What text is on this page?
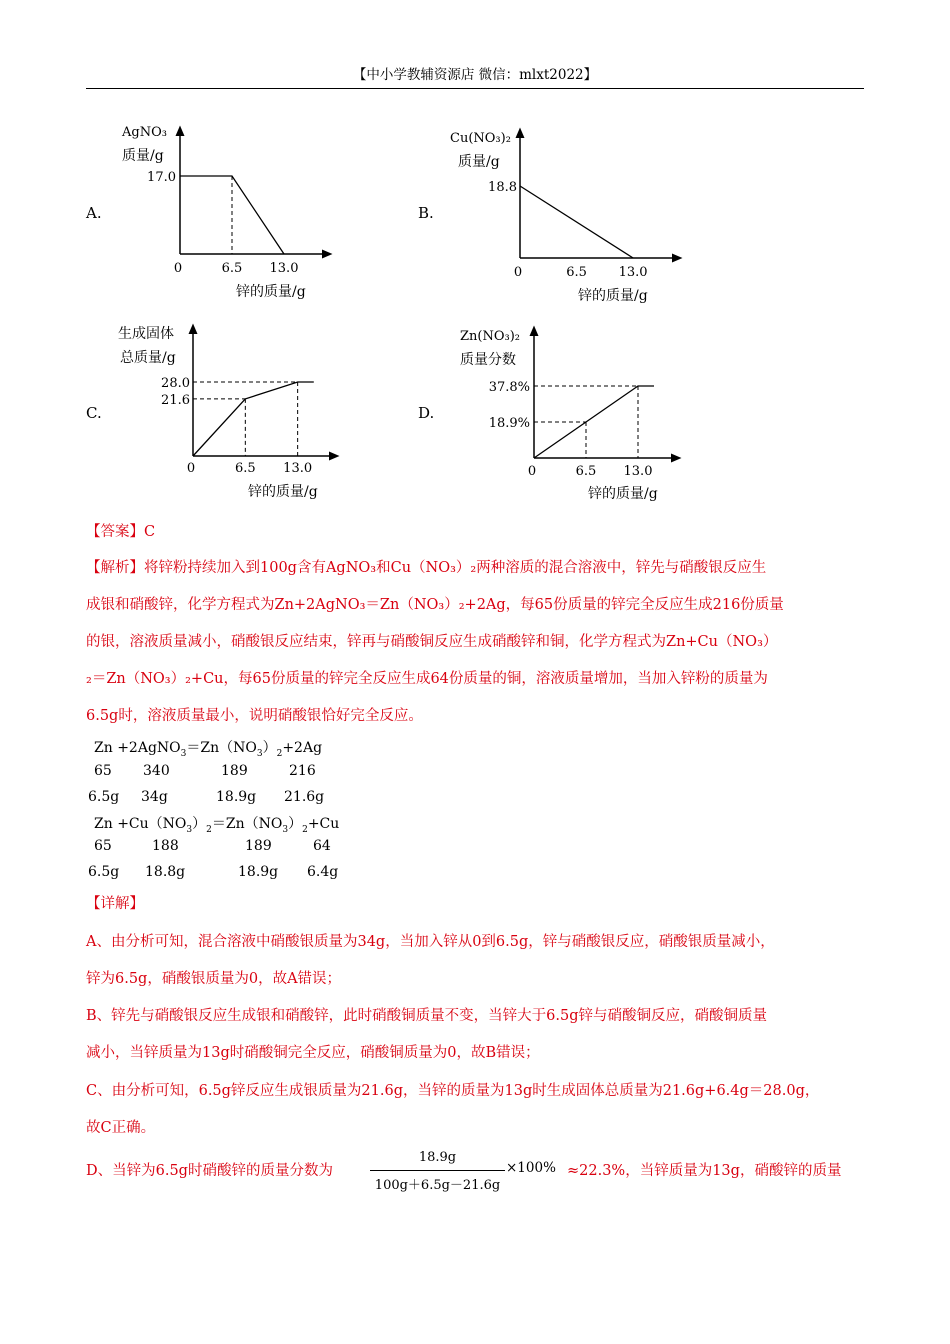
【中小学教辅资源店 微信：mlxt2022】
A.	B.
C.	D.
AgNO₃
质量/g
17.0
0	6.5 13.0
锌的质量/g
Cu(NO₃)₂
质量/g
18.8
0	6.5 13.0
锌的质量/g
生成固体
总质量/g
28.0
21.6
0	6.5 13.0
锌的质量/g
Zn(NO₃)₂
质量分数
37.8%
18.9%
0	6.5 13.0
锌的质量/g
【答案】C
【解析】将锌粉持续加入到100g含有AgNO₃和Cu（NO₃）₂两种溶质的混合溶液中，锌先与硝酸银反应生
成银和硝酸锌，化学方程式为Zn+2AgNO₃＝Zn（NO₃）₂+2Ag，每65份质量的锌完全反应生成216份质量
的银，溶液质量减小，硝酸银反应结束，锌再与硝酸铜反应生成硝酸锌和铜，化学方程式为Zn+Cu（NO₃）
₂＝Zn（NO₃）₂+Cu，每65份质量的锌完全反应生成64份质量的铜，溶液质量增加，当加入锌粉的质量为
6.5g时，溶液质量最小，说明硝酸银恰好完全反应。
$Zn +2AgNO_3=Zn(NO_3)_2+2Ag$
65 340	189	216
6.5g 34g	18.9g 21.6g
$Zn +Cu(NO_3)_2=Zn(NO_3)_2+Cu$
65	188	189	64
6.5g 18.8g	18.9g 6.4g
【详解】
A、由分析可知，混合溶液中硝酸银质量为34g，当加入锌从0到6.5g，锌与硝酸银反应，硝酸银质量减小，
锌为6.5g，硝酸银质量为0，故A错误；
B、锌先与硝酸银反应生成银和硝酸锌，此时硝酸铜质量不变，当锌大于6.5g锌与硝酸铜反应，硝酸铜质量
减小，当锌质量为13g时硝酸铜完全反应，硝酸铜质量为0，故B错误；
C、由分析可知，6.5g锌反应生成银质量为21.6g，当锌的质量为13g时生成固体总质量为21.6g+6.4g＝28.0g，
故C正确。
D、当锌为6.5g时硝酸锌的质量分数为
18.9g
100g＋6.5g－21.6g
×100% ≈22.3%，当锌质量为13g，硝酸锌的质量
